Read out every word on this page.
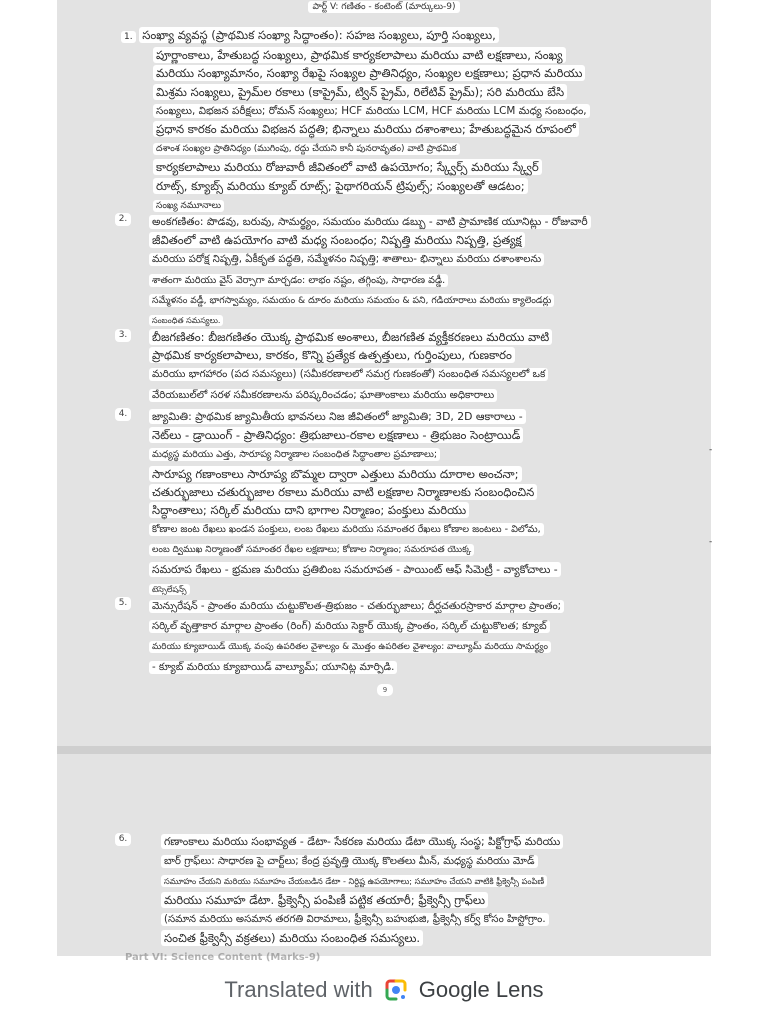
పార్ట్ V: గణితం - కంటెంట్ (మార్కులు-9)
1. సంఖ్యా వ్యవస్థ (ప్రాథమిక సంఖ్యా సిద్ధాంతం): సహజ సంఖ్యలు, పూర్తి సంఖ్యలు,
పూర్ణాంకాలు, హేతుబద్ధ సంఖ్యలు, ప్రాథమిక కార్యకలాపాలు మరియు వాటి లక్షణాలు, సంఖ్య
మరియు సంఖ్యామానం, సంఖ్యా రేఖపై సంఖ్యల ప్రాతినిధ్యం, సంఖ్యల లక్షణాలు; ప్రధాన మరియు
మిశ్రమ సంఖ్యలు, ప్రైమ్‌ల రకాలు (కాప్రైమ్, ట్విన్ ప్రైమ్, రిలేటివ్ ప్రైమ్); సరి మరియు బేసి
సంఖ్యలు, విభజన పరీక్షలు; రోమన్ సంఖ్యలు; HCF మరియు LCM, HCF మరియు LCM మధ్య సంబంధం,
ప్రధాన కారకం మరియు విభజన పద్ధతి; భిన్నాలు మరియు దశాంశాలు; హేతుబద్ధమైన రూపంలో
దశాంశ సంఖ్యల ప్రాతినిధ్యం (ముగింపు, రద్దు చేయని కానీ పునరావృతం) వాటి ప్రాథమిక
కార్యకలాపాలు మరియు రోజువారీ జీవితంలో వాటి ఉపయోగం; స్క్వేర్స్ మరియు స్క్వేర్
రూట్స్, క్యూబ్స్ మరియు క్యూబ్ రూట్స్; పైథాగరియన్ ట్రిపుల్స్; సంఖ్యలతో ఆడటం;
సంఖ్య నమూనాలు
2.	అంకగణితం: పొడవు, బరువు, సామర్థ్యం, సమయం మరియు డబ్బు - వాటి ప్రామాణిక యూనిట్లు - రోజువారీ
జీవితంలో వాటి ఉపయోగం వాటి మధ్య సంబంధం; నిష్పత్తి మరియు నిష్పత్తి, ప్రత్యక్ష
మరియు పరోక్ష నిష్పత్తి, ఏకీకృత పద్ధతి, సమ్మేళనం నిష్పత్తి; శాతాలు- భిన్నాలు మరియు దశాంశాలను
శాతంగా మరియు వైస్ వెర్సాగా మార్చడం: లాభం నష్టం, తగ్గింపు, సాధారణ వడ్డీ.
సమ్మేళనం వడ్డీ, భాగస్వామ్యం, సమయం & దూరం మరియు సమయం & పని, గడియారాలు మరియు క్యాలెండర్లు
సంబంధిత సమస్యలు.
3.	బీజగణితం: బీజగణితం యొక్క ప్రాథమిక అంశాలు, బీజగణిత వ్యక్తీకరణలు మరియు వాటి
ప్రాథమిక కార్యకలాపాలు, కారకం, కొన్ని ప్రత్యేక ఉత్పత్తులు, గుర్తింపులు, గుణకారం
మరియు భాగహారం (పద సమస్యలు) (సమీకరణాలలో సమగ్ర గుణకంతో) సంబంధిత సమస్యలలో ఒక
వేరియబుల్‌లో సరళ సమీకరణాలను పరిష్కరించడం; ఘాతాంకాలు మరియు అధికారాలు
4.	జ్యామితి: ప్రాథమిక జ్యామితీయ భావనలు నిజ జీవితంలో జ్యామితి; 3D, 2D ఆకారాలు -
నెట్‌లు - డ్రాయింగ్ - ప్రాతినిధ్యం: త్రిభుజాలు-రకాల లక్షణాలు - త్రిభుజం సెంట్రాయిడ్
మధ్యస్థ మరియు ఎత్తు, సారూప్య నిర్మాణాల సంబంధిత సిద్ధాంతాల ప్రమాణాలు;
సారూప్య గణాంకాలు సారూప్య బొమ్మల ద్వారా ఎత్తులు మరియు దూరాల అంచనా;
చతుర్భుజాలు చతుర్భుజాల రకాలు మరియు వాటి లక్షణాల నిర్మాణాలకు సంబంధించిన
సిద్ధాంతాలు; సర్కిల్ మరియు దాని భాగాల నిర్మాణం; పంక్తులు మరియు
కోణాల జంట రేఖలు ఖండన పంక్తులు, లంబ రేఖలు మరియు సమాంతర రేఖలు కోణాల జంటలు - విలోమ,
లంబ ద్విముఖ నిర్మాణంతో సమాంతర రేఖల లక్షణాలు; కోణాల నిర్మాణం; సమరూపత యొక్క
సమరూప రేఖలు - భ్రమణ మరియు ప్రతిబింబ సమరూపత - పాయింట్ ఆఫ్ సిమెట్రీ - వ్యాకోచాలు -
టెస్సెలేషన్స్
-
-
5.	మెన్సురేషన్ - ప్రాంతం మరియు చుట్టుకొలత-త్రిభుజం - చతుర్భుజాలు; దీర్ఘచతురస్రాకార మార్గాల ప్రాంతం;
సర్కిల్ వృత్తాకార మార్గాల ప్రాంతం (రింగ్) మరియు సెక్టార్ యొక్క ప్రాంతం, సర్కిల్ చుట్టుకొలత; క్యూబ్
మరియు క్యూబాయిడ్ యొక్క వంపు ఉపరితల వైశాల్యం & మొత్తం ఉపరితల వైశాల్యం: వాల్యూమ్ మరియు సామర్థ్యం
- క్యూబ్ మరియు క్యూబాయిడ్ వాల్యూమ్; యూనిట్ల మార్పిడి.
9
6.	గణాంకాలు మరియు సంభావ్యత - డేటా- సేకరణ మరియు డేటా యొక్క సంస్థ; పిక్టోగ్రాఫ్ మరియు
బార్ గ్రాఫ్‌లు: సాధారణ పై చార్ట్‌లు; కేంద్ర ప్రవృత్తి యొక్క కొలతలు మీన్, మధ్యస్థ మరియు మోడ్
సమూహం చేయని మరియు సమూహం చేయబడిన డేటా - నిర్దిష్ట ఉపయోగాలు; సమూహం చేయని వాటికి ఫ్రీక్వెన్సీ పంపిణీ
మరియు సమూహ డేటా. ఫ్రీక్వెన్సీ పంపిణీ పట్టిక తయారీ; ఫ్రీక్వెన్సీ గ్రాఫ్‌లు
(సమాన మరియు అసమాన తరగతి విరామాలు, ఫ్రీక్వెన్సీ బహుభుజి, ఫ్రీక్వెన్సీ కర్వ్ కోసం హిస్టోగ్రాం.
సంచిత ఫ్రీక్వెన్సీ వక్రతలు) మరియు సంబంధిత సమస్యలు.
Part VI: Science Content (Marks-9)
Translated with Google Lens
